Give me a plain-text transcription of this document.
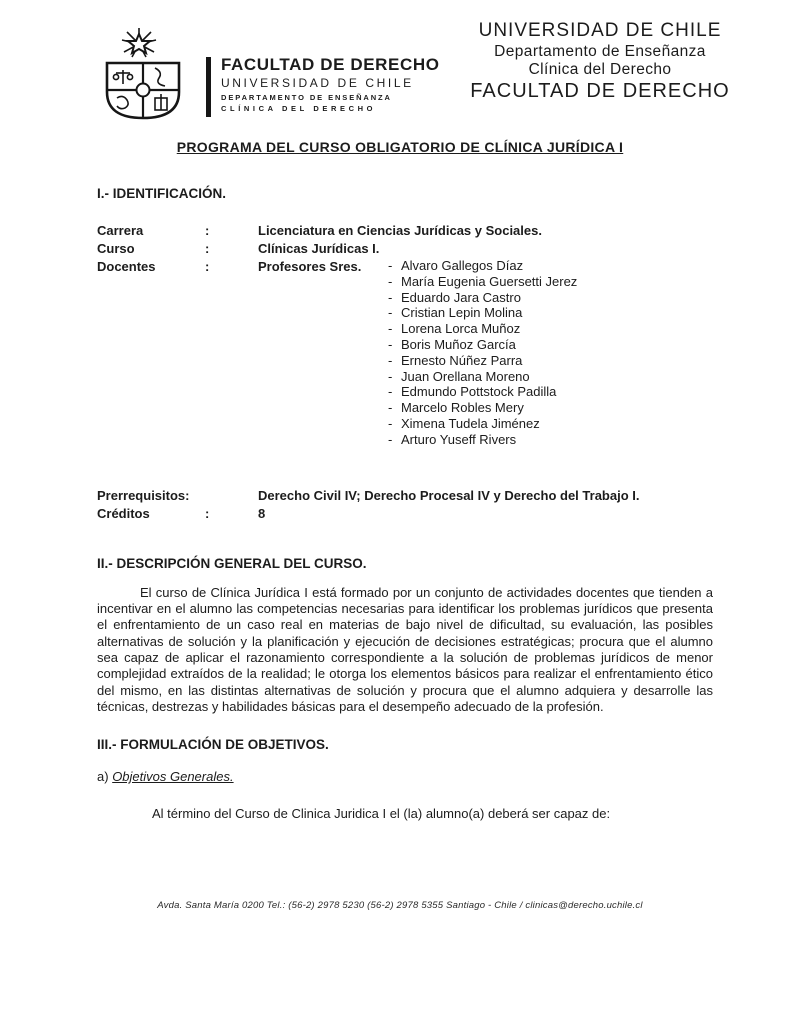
FACULTAD DE DERECHO
UNIVERSIDAD DE CHILE
DEPARTAMENTO DE ENSEÑANZA
CLÍNICA DEL DERECHO
UNIVERSIDAD DE CHILE
Departamento de Enseñanza
Clínica del Derecho
FACULTAD DE DERECHO
PROGRAMA DEL CURSO OBLIGATORIO DE CLÍNICA JURÍDICA I
I.- IDENTIFICACIÓN.
Carrera	:	Licenciatura en Ciencias Jurídicas y Sociales.
Curso	:	Clínicas Jurídicas I.
Docentes	:	Profesores Sres.	- Alvaro Gallegos Díaz
- María Eugenia Guersetti Jerez
- Eduardo Jara Castro
- Cristian Lepin Molina
- Lorena Lorca Muñoz
- Boris Muñoz García
- Ernesto Núñez Parra
- Juan Orellana Moreno
- Edmundo Pottstock Padilla
- Marcelo Robles Mery
- Ximena Tudela Jiménez
- Arturo Yuseff Rivers
Prerrequisitos:	Derecho Civil IV; Derecho Procesal IV y Derecho del Trabajo I.
Créditos	:	8
II.- DESCRIPCIÓN GENERAL DEL CURSO.

El curso de Clínica Jurídica I está formado por un conjunto de actividades docentes que tienden a incentivar en el alumno las competencias necesarias para identificar los problemas jurídicos que presenta el enfrentamiento de un caso real en materias de bajo nivel de dificultad, su evaluación, las posibles alternativas de solución y la planificación y ejecución de decisiones estratégicas; procura que el alumno sea capaz de aplicar el razonamiento correspondiente a la solución de problemas jurídicos de menor complejidad extraídos de la realidad; le otorga los elementos básicos para realizar el enfrentamiento ético del mismo, en las distintas alternativas de solución y procura que el alumno adquiera y desarrolle las técnicas, destrezas y habilidades básicas para el desempeño adecuado de la profesión.

III.- FORMULACIÓN DE OBJETIVOS.
a) Objetivos Generales.

Al término del Curso de Clinica Juridica I el (la) alumno(a) deberá ser capaz de:

Avda. Santa María 0200 Tel.: (56-2) 2978 5230 (56-2) 2978 5355 Santiago - Chile / clinicas@derecho.uchile.cl
